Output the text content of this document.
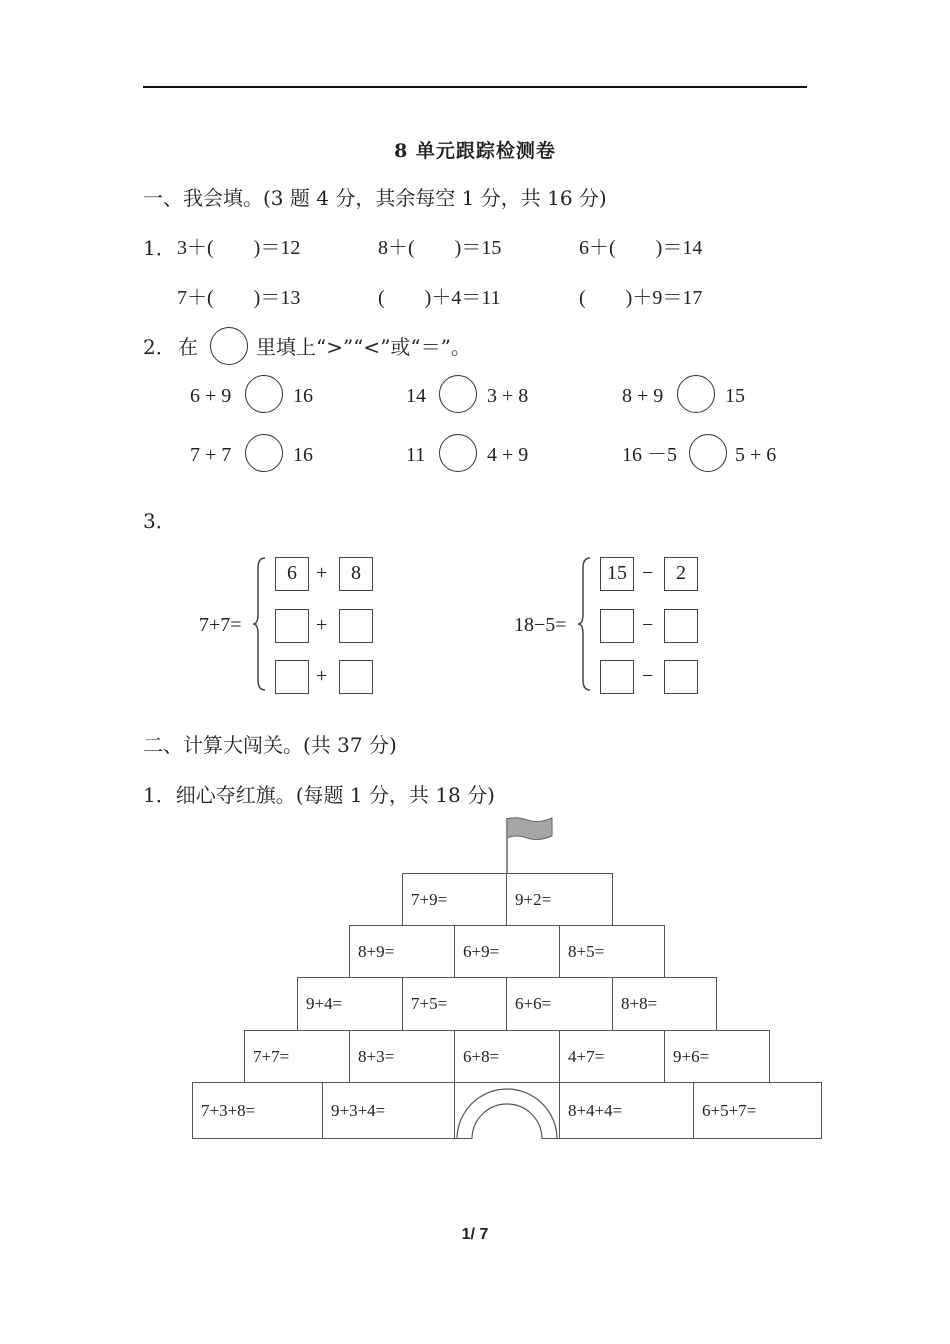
8 单元跟踪检测卷
一、我会填。(3 题 4 分，其余每空 1 分，共 16 分)
1． 3＋(　　)＝12	8＋(　　)＝15	6＋(　　)＝14
7＋(　　)＝13	(　　)＋4＝11	(　　)＋9＝17
2． 在	里填上“>”“<”或“＝”。
6 + 9	16	14	3 + 8	8 + 9	15
7 + 7	16	11	4 + 9	16 －5	5 + 6
3．
7+7=
6 +	8
+
+
18−5=
15 −	2
−
−
二、计算大闯关。(共 37 分)
1．细心夺红旗。(每题 1 分，共 18 分)
7+9=	9+2=
8+9=	6+9=	8+5=
9+4=	7+5=	6+6=	8+8=
7+7=	8+3=	6+8=	4+7=	9+6=
7+3+8=	9+3+4=	8+4+4=	6+5+7=
1/ 7
